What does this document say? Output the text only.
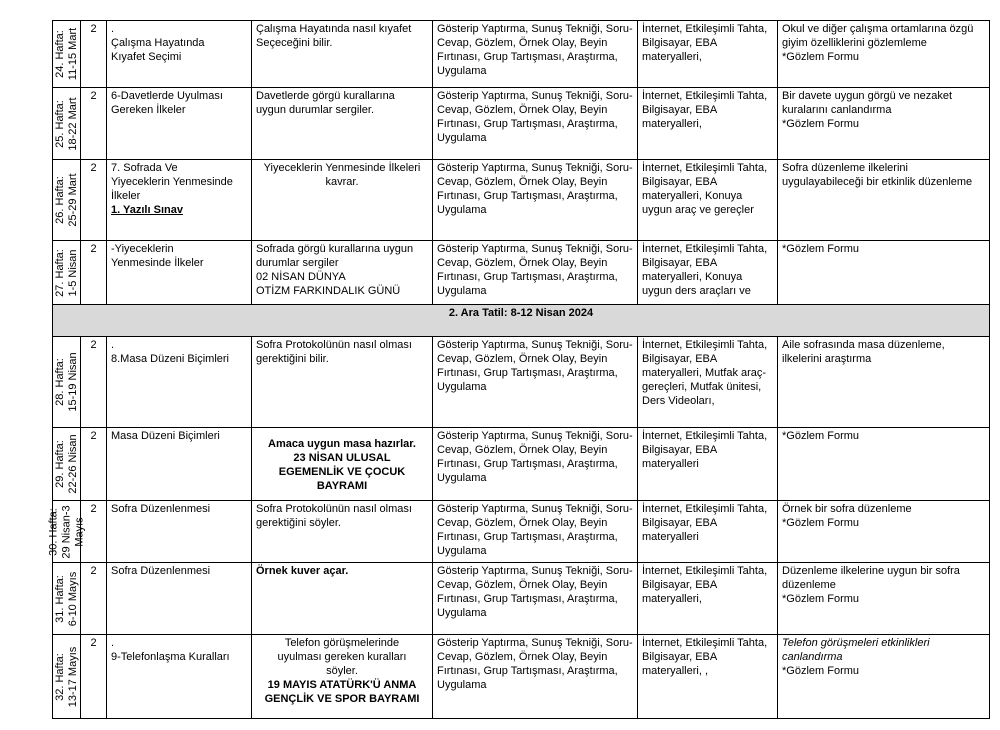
24. Hafta: 11-15 Mart	2	.
Çalışma Hayatında
Kıyafet Seçimi	Çalışma Hayatında nasıl kıyafet
Seçeceğini bilir.	Gösterip Yaptırma, Sunuş Tekniği, Soru-Cevap, Gözlem, Örnek Olay, Beyin Fırtınası, Grup Tartışması, Araştırma, Uygulama	İnternet, Etkileşimli Tahta, Bilgisayar, EBA materyalleri,	Okul ve diğer çalışma ortamlarına özgü giyim özelliklerini gözlemleme
*Gözlem Formu

25. Hafta: 18-22 Mart	2	6-Davetlerde Uyulması
Gereken İlkeler	Davetlerde görgü kurallarına
uygun durumlar sergiler.	Gösterip Yaptırma, Sunuş Tekniği, Soru-Cevap, Gözlem, Örnek Olay, Beyin Fırtınası, Grup Tartışması, Araştırma, Uygulama	İnternet, Etkileşimli Tahta, Bilgisayar, EBA materyalleri,	Bir davete uygun görgü ve nezaket kuralarını canlandırma
*Gözlem Formu

26. Hafta: 25-29 Mart	2	7. Sofrada Ve
Yiyeceklerin Yenmesinde
İlkeler
1. Yazılı Sınav	Yiyeceklerin Yenmesinde İlkeleri
kavrar.	Gösterip Yaptırma, Sunuş Tekniği, Soru-Cevap, Gözlem, Örnek Olay, Beyin Fırtınası, Grup Tartışması, Araştırma, Uygulama	İnternet, Etkileşimli Tahta, Bilgisayar, EBA materyalleri, Konuya uygun araç ve gereçler	Sofra düzenleme ilkelerini uygulayabileceği bir etkinlik düzenleme

27. Hafta: 1-5 Nisan	2	-Yiyeceklerin
Yenmesinde İlkeler	Sofrada görgü kurallarına uygun
durumlar sergiler
02 NİSAN DÜNYA
OTİZM FARKINDALIK GÜNÜ	Gösterip Yaptırma, Sunuş Tekniği, Soru-Cevap, Gözlem, Örnek Olay, Beyin Fırtınası, Grup Tartışması, Araştırma, Uygulama	İnternet, Etkileşimli Tahta, Bilgisayar, EBA materyalleri, Konuya uygun ders araçları ve	*Gözlem Formu
2. Ara Tatil: 8-12 Nisan 2024						

28. Hafta: 15-19 Nisan	2	.
8.Masa Düzeni Biçimleri	Sofra Protokolünün nasıl olması
gerektiğini bilir.	Gösterip Yaptırma, Sunuş Tekniği, Soru-Cevap, Gözlem, Örnek Olay, Beyin Fırtınası, Grup Tartışması, Araştırma, Uygulama	İnternet, Etkileşimli Tahta, Bilgisayar, EBA materyalleri, Mutfak araç-gereçleri, Mutfak ünitesi, Ders Videoları,	Aile sofrasında masa düzenleme, ilkelerini araştırma

29. Hafta: 22-26 Nisan	2	Masa Düzeni Biçimleri	Amaca uygun masa hazırlar.
23 NİSAN ULUSAL
EGEMENLİK VE ÇOCUK
BAYRAMI	Gösterip Yaptırma, Sunuş Tekniği, Soru-Cevap, Gözlem, Örnek Olay, Beyin Fırtınası, Grup Tartışması, Araştırma, Uygulama	İnternet, Etkileşimli Tahta, Bilgisayar, EBA materyalleri	*Gözlem Formu

30. Hafta: 29 Nisan-3 Mayıs	2	Sofra Düzenlenmesi	Sofra Protokolünün nasıl olması
gerektiğini söyler.	Gösterip Yaptırma, Sunuş Tekniği, Soru-Cevap, Gözlem, Örnek Olay, Beyin Fırtınası, Grup Tartışması, Araştırma, Uygulama	İnternet, Etkileşimli Tahta, Bilgisayar, EBA materyalleri	Örnek bir sofra düzenleme
*Gözlem Formu

31. Hafta: 6-10 Mayıs	2	Sofra Düzenlenmesi	Örnek kuver açar.	Gösterip Yaptırma, Sunuş Tekniği, Soru-Cevap, Gözlem, Örnek Olay, Beyin Fırtınası, Grup Tartışması, Araştırma, Uygulama	İnternet, Etkileşimli Tahta, Bilgisayar, EBA materyalleri,	Düzenleme ilkelerine uygun bir sofra düzenleme
*Gözlem Formu

32. Hafta: 13-17 Mayıs	2	.
9-Telefonlaşma Kuralları	Telefon görüşmelerinde
uyulması gereken kuralları
söyler.
19 MAYIS ATATÜRK'Ü ANMA
GENÇLİK VE SPOR BAYRAMI	Gösterip Yaptırma, Sunuş Tekniği, Soru-Cevap, Gözlem, Örnek Olay, Beyin Fırtınası, Grup Tartışması, Araştırma, Uygulama	İnternet, Etkileşimli Tahta, Bilgisayar, EBA materyalleri, ,	Telefon görüşmeleri etkinlikleri canlandırma
*Gözlem Formu
